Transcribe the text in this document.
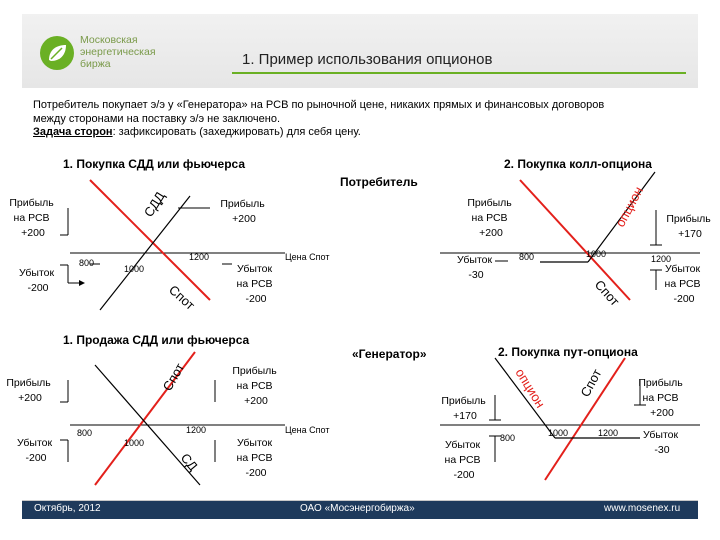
Московская
энергетическая
биржа	1. Пример использования опционов
Потребитель покупает э/э у «Генератора» на РСВ по рыночной цене, никаких прямых и финансовых договоров
между сторонами на поставку э/э не заключено.
Задача сторон: зафиксировать (захеджировать) для себя цену.
Потребитель
«Генератор»
1. Покупка СДД или фьючерса
Прибыль на РСВ +200
Прибыль +200
Убыток -200
Убыток на РСВ -200
800
1000
1200	Цена Спот
СДД
Спот
2. Покупка колл-опциона
Прибыль на РСВ +200
Прибыль +170
Убыток -30	Убыток на РСВ -200
800	1000	1200
опцион
Спот
1. Продажа СДД или фьючерса
Прибыль +200
Прибыль на РСВ +200
Убыток -200
Убыток на РСВ -200
800
1000
1200	Цена Спот
Спот
СД
2. Покупка пут-опциона
Прибыль +170
Прибыль на РСВ +200
Убыток на РСВ -200
Убыток -30
800	1000	1200
Спот
опцион
Октябрь, 2012	ОАО «Мосэнергобиржа»	www.mosenex.ru
